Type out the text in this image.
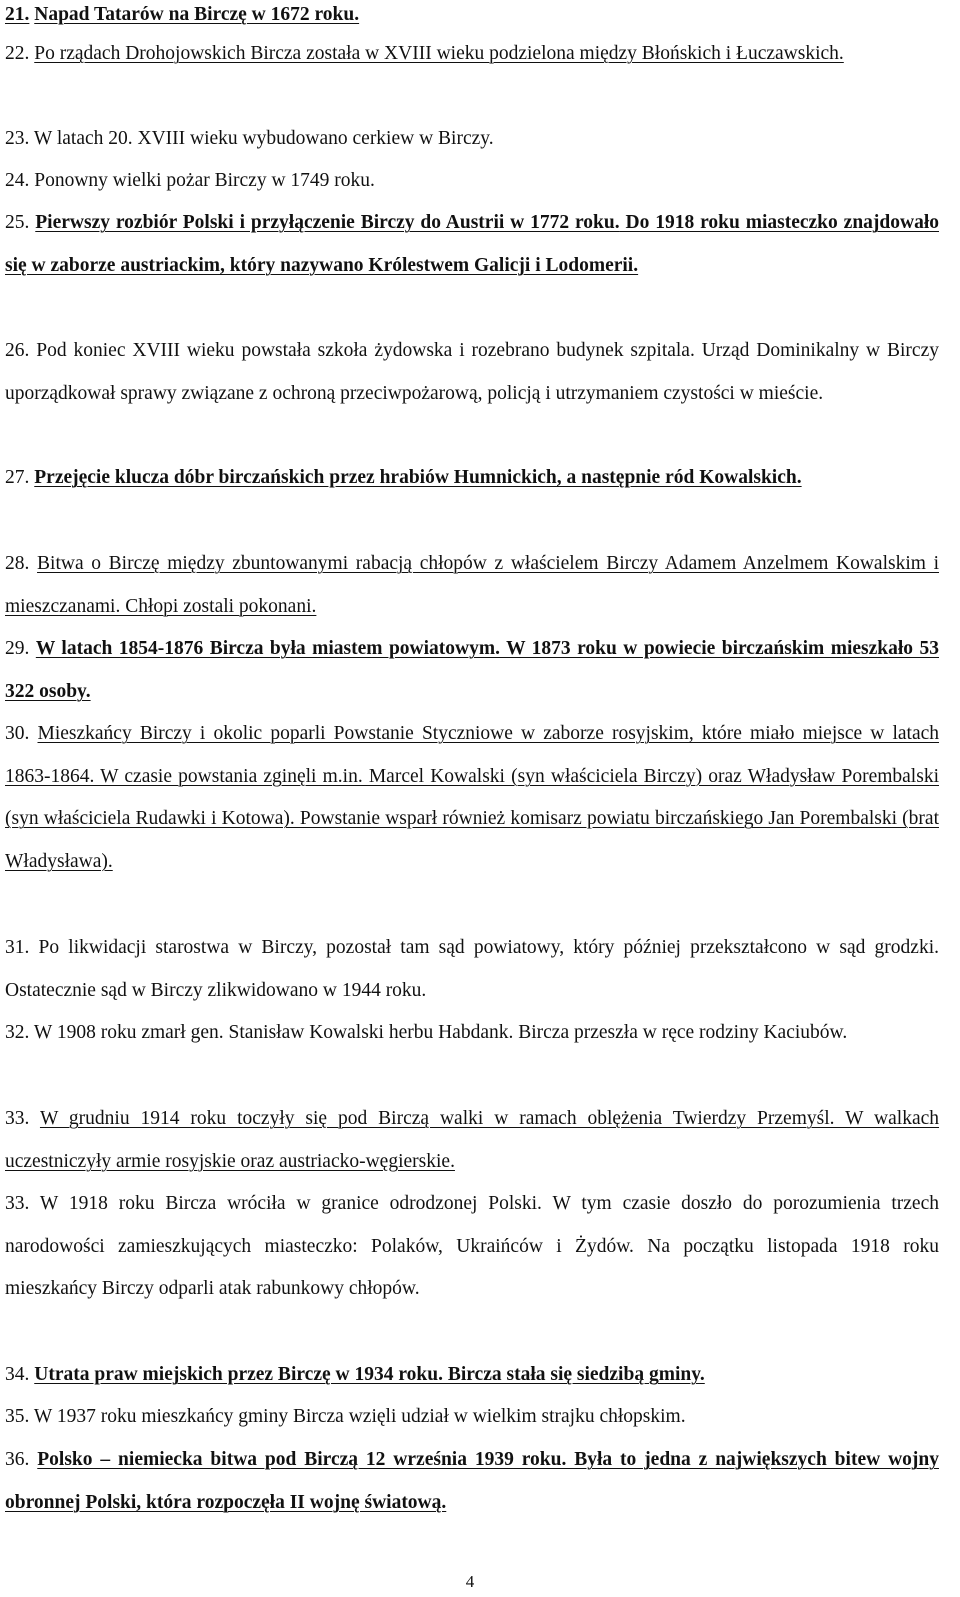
21. Napad Tatarów na Birczę w 1672 roku.

22. Po rządach Drohojowskich Bircza została w XVIII wieku podzielona między Błońskich i Łuczawskich.

23. W latach 20. XVIII wieku wybudowano cerkiew w Birczy.

24. Ponowny wielki pożar Birczy w 1749 roku.

25. Pierwszy rozbiór Polski i przyłączenie Birczy do Austrii w 1772 roku. Do 1918 roku miasteczko znajdowało się w zaborze austriackim, który nazywano Królestwem Galicji i Lodomerii.

26. Pod koniec XVIII wieku powstała szkoła żydowska i rozebrano budynek szpitala. Urząd Dominikalny w Birczy uporządkował sprawy związane z ochroną przeciwpożarową, policją i utrzymaniem czystości w mieście.

27. Przejęcie klucza dóbr birczańskich przez hrabiów Humnickich, a następnie ród Kowalskich.

28. Bitwa o Birczę między zbuntowanymi rabacją chłopów z właścielem Birczy Adamem Anzelmem Kowalskim i mieszczanami. Chłopi zostali pokonani.

29. W latach 1854-1876 Bircza była miastem powiatowym. W 1873 roku w powiecie birczańskim mieszkało 53 322 osoby.

30. Mieszkańcy Birczy i okolic poparli Powstanie Styczniowe w zaborze rosyjskim, które miało miejsce w latach 1863-1864. W czasie powstania zginęli m.in. Marcel Kowalski (syn właściciela Birczy) oraz Władysław Porembalski (syn właściciela Rudawki i Kotowa). Powstanie wsparł również komisarz powiatu birczańskiego Jan Porembalski (brat Władysława).

31. Po likwidacji starostwa w Birczy, pozostał tam sąd powiatowy, który później przekształcono w sąd grodzki. Ostatecznie sąd w Birczy zlikwidowano w 1944 roku.

32. W 1908 roku zmarł gen. Stanisław Kowalski herbu Habdank. Bircza przeszła w ręce rodziny Kaciubów.

33. W grudniu 1914 roku toczyły się pod Birczą walki w ramach oblężenia Twierdzy Przemyśl. W walkach uczestniczyły armie rosyjskie oraz austriacko-węgierskie.

33. W 1918 roku Bircza wróciła w granice odrodzonej Polski. W tym czasie doszło do porozumienia trzech narodowości zamieszkujących miasteczko: Polaków, Ukraińców i Żydów. Na początku listopada 1918 roku mieszkańcy Birczy odparli atak rabunkowy chłopów.

34. Utrata praw miejskich przez Birczę w 1934 roku. Bircza stała się siedzibą gminy.

35. W 1937 roku mieszkańcy gminy Bircza wzięli udział w wielkim strajku chłopskim.

36. Polsko – niemiecka bitwa pod Birczą 12 września 1939 roku. Była to jedna z największych bitew wojny obronnej Polski, która rozpoczęła II wojnę światową.

4
